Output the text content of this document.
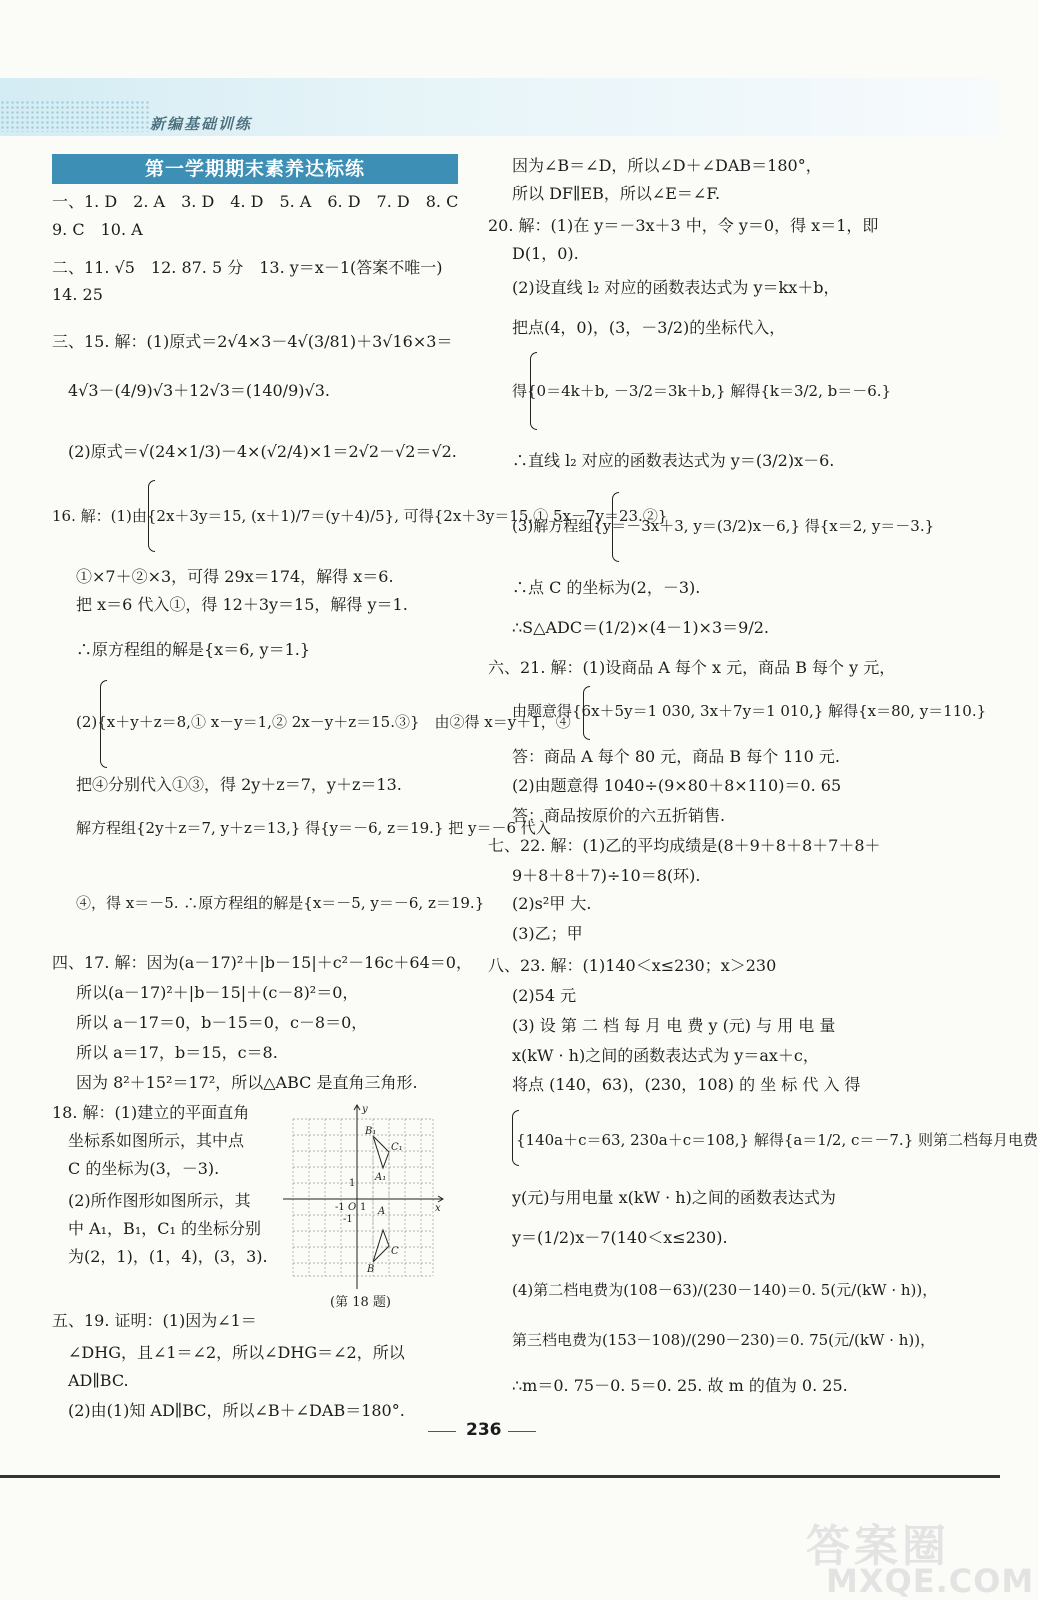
新编基础训练
第一学期期末素养达标练
一、1. D　2. A　3. D　4. D　5. A　6. D　7. D　8. C
9. C　10. A
二、11. √5　12. 87. 5 分　13. y＝x－1(答案不唯一)
14. 25
三、15. 解：(1)原式＝2√4×3－4√(3/81)＋3√16×3＝
4√3－(4/9)√3＋12√3＝(140/9)√3.
(2)原式＝√(24×1/3)－4×(√2/4)×1＝2√2－√2＝√2.
16. 解：(1)由{2x＋3y＝15, (x＋1)/7＝(y＋4)/5}, 可得{2x＋3y＝15,① 5x－7y＝23.②}
①×7＋②×3，可得 29x＝174，解得 x＝6.
把 x＝6 代入①，得 12＋3y＝15，解得 y＝1.
∴原方程组的解是{x＝6, y＝1.}
(2){x＋y＋z＝8,① x－y＝1,② 2x－y＋z＝15.③}　由②得 x＝y＋1，④
把④分别代入①③，得 2y＋z＝7，y＋z＝13.
解方程组{2y＋z＝7, y＋z＝13,} 得{y＝－6, z＝19.} 把 y＝－6 代入
④，得 x＝－5. ∴原方程组的解是{x＝－5, y＝－6, z＝19.}
四、17. 解：因为(a－17)²＋|b－15|＋c²－16c＋64＝0，
所以(a－17)²＋|b－15|＋(c－8)²＝0，
所以 a－17＝0，b－15＝0，c－8＝0，
所以 a＝17，b＝15，c＝8.
因为 8²＋15²＝17²，所以△ABC 是直角三角形.
18. 解：(1)建立的平面直角
坐标系如图所示，其中点
C 的坐标为(3，－3).
(2)所作图形如图所示，其
中 A₁，B₁，C₁ 的坐标分别
为(2，1)，(1，4)，(3，3).
y
x
O
B₁
C₁
A₁
A
C
B
1
-1
1
-1
(第 18 题)
五、19. 证明：(1)因为∠1＝
∠DHG，且∠1＝∠2，所以∠DHG＝∠2，所以
AD∥BC.
(2)由(1)知 AD∥BC，所以∠B＋∠DAB＝180°.
因为∠B＝∠D，所以∠D＋∠DAB＝180°，
所以 DF∥EB，所以∠E＝∠F.
20. 解：(1)在 y＝－3x＋3 中，令 y＝0，得 x＝1，即
D(1，0).
(2)设直线 l₂ 对应的函数表达式为 y＝kx＋b，
把点(4，0)，(3，－3/2)的坐标代入，
得{0＝4k＋b, －3/2＝3k＋b,} 解得{k＝3/2, b＝－6.}
∴直线 l₂ 对应的函数表达式为 y＝(3/2)x－6.
(3)解方程组{y＝－3x＋3, y＝(3/2)x－6,} 得{x＝2, y＝－3.}
∴点 C 的坐标为(2，－3).
∴S△ADC＝(1/2)×(4－1)×3＝9/2.
六、21. 解：(1)设商品 A 每个 x 元，商品 B 每个 y 元，
由题意得{6x＋5y＝1 030, 3x＋7y＝1 010,} 解得{x＝80, y＝110.}
答：商品 A 每个 80 元，商品 B 每个 110 元.
(2)由题意得 1040÷(9×80＋8×110)＝0. 65
答：商品按原价的六五折销售.
七、22. 解：(1)乙的平均成绩是(8＋9＋8＋8＋7＋8＋
9＋8＋8＋7)÷10＝8(环).
(2)s²甲 大.
(3)乙；甲
八、23. 解：(1)140＜x≤230；x＞230
(2)54 元
(3) 设 第 二 档 每 月 电 费 y (元) 与 用 电 量
x(kW · h)之间的函数表达式为 y＝ax＋c，
将点 (140，63)，(230，108) 的 坐 标 代 入 得
{140a＋c＝63, 230a＋c＝108,} 解得{a＝1/2, c＝－7.} 则第二档每月电费
y(元)与用电量 x(kW · h)之间的函数表达式为
y＝(1/2)x－7(140＜x≤230).
(4)第二档电费为(108－63)/(230－140)＝0. 5(元/(kW · h))，
第三档电费为(153－108)/(290－230)＝0. 75(元/(kW · h))，
∴m＝0. 75－0. 5＝0. 25. 故 m 的值为 0. 25.
236
答案圈
MXQE.COM
